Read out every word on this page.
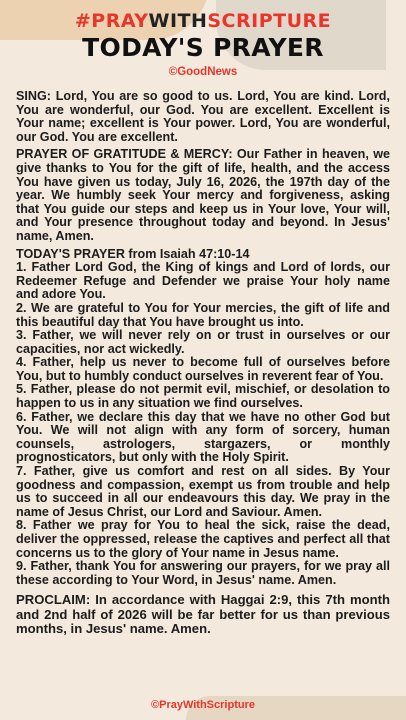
#PRAYWITHSCRIPTURE
TODAY'S PRAYER
©GoodNews

SING: Lord, You are so good to us. Lord, You are kind. Lord, You are wonderful, our God. You are excellent. Excellent is Your name; excellent is Your power. Lord, You are wonderful, our God. You are excellent.

PRAYER OF GRATITUDE & MERCY: Our Father in heaven, we give thanks to You for the gift of life, health, and the access You have given us today, July 16, 2026, the 197th day of the year. We humbly seek Your mercy and forgiveness, asking that You guide our steps and keep us in Your love, Your will, and Your presence throughout today and beyond. In Jesus' name, Amen.

TODAY'S PRAYER from Isaiah 47:10-14

1. Father Lord God, the King of kings and Lord of lords, our Redeemer Refuge and Defender we praise Your holy name and adore You.

2. We are grateful to You for Your mercies, the gift of life and this beautiful day that You have brought us into.

3. Father, we will never rely on or trust in ourselves or our capacities, nor act wickedly.

4. Father, help us never to become full of ourselves before You, but to humbly conduct ourselves in reverent fear of You.

5. Father, please do not permit evil, mischief, or desolation to happen to us in any situation we find ourselves.

6. Father, we declare this day that we have no other God but You. We will not align with any form of sorcery, human counsels, astrologers, stargazers, or monthly prognosticators, but only with the Holy Spirit.

7. Father, give us comfort and rest on all sides. By Your goodness and compassion, exempt us from trouble and help us to succeed in all our endeavours this day. We pray in the name of Jesus Christ, our Lord and Saviour. Amen.

8. Father we pray for You to heal the sick, raise the dead, deliver the oppressed, release the captives and perfect all that concerns us to the glory of Your name in Jesus name.

9. Father, thank You for answering our prayers, for we pray all these according to Your Word, in Jesus' name. Amen.

PROCLAIM: In accordance with Haggai 2:9, this 7th month and 2nd half of 2026 will be far better for us than previous months, in Jesus' name. Amen.

©PrayWithScripture
